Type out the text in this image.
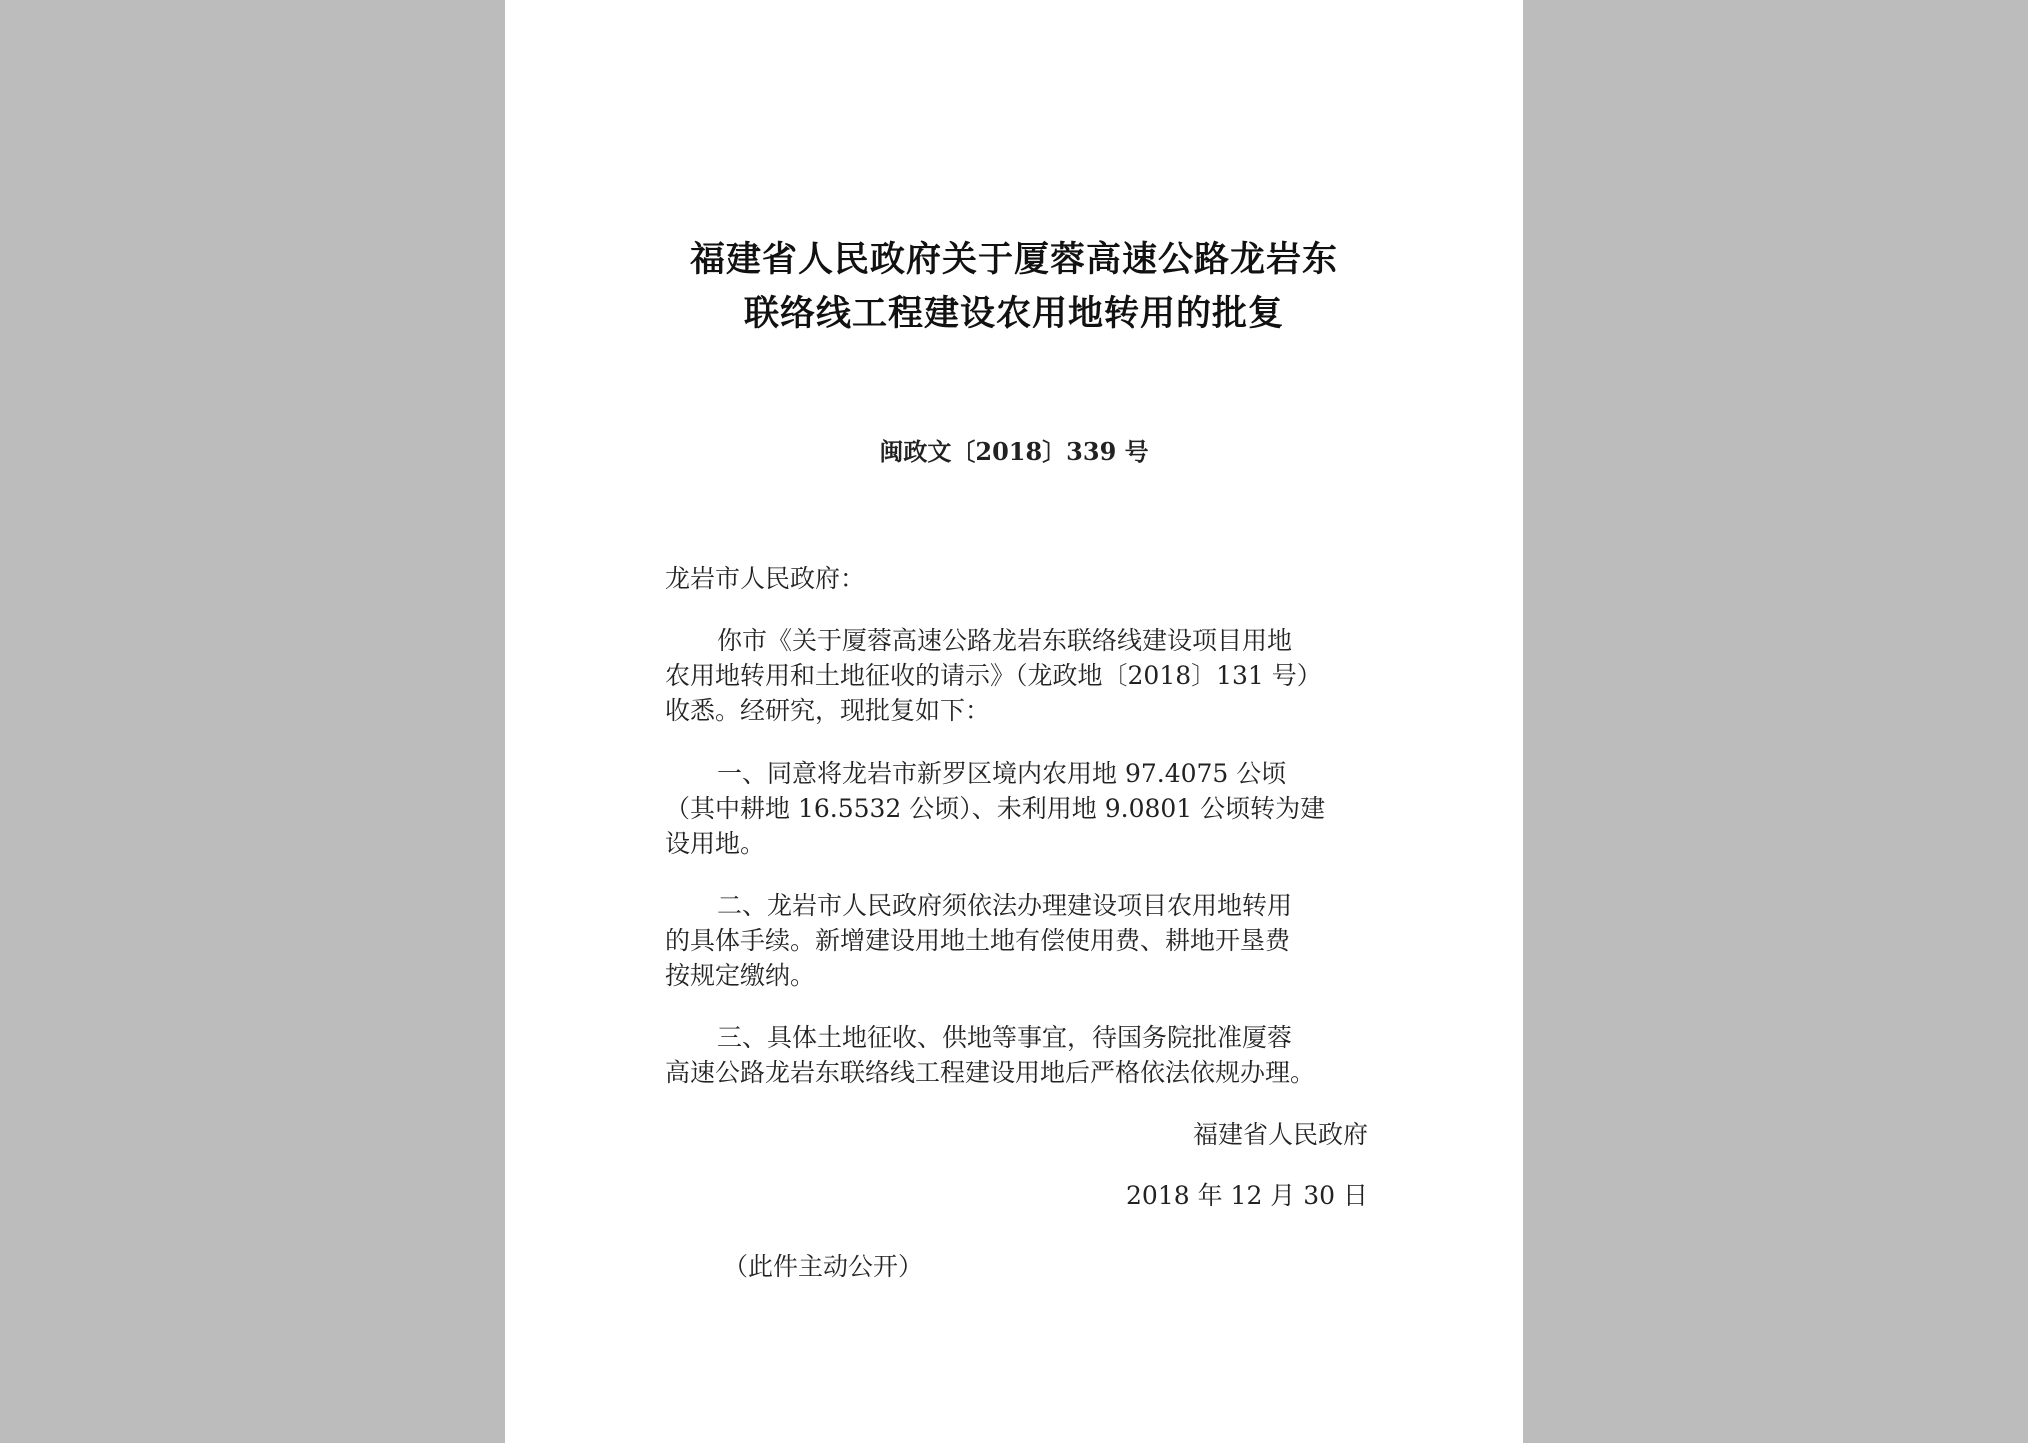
福建省人民政府关于厦蓉高速公路龙岩东
联络线工程建设农用地转用的批复
闽政文〔2018〕339 号
龙岩市人民政府：
你市《关于厦蓉高速公路龙岩东联络线建设项目用地
农用地转用和土地征收的请示》（龙政地〔2018〕131 号）
收悉。经研究，现批复如下：
一、同意将龙岩市新罗区境内农用地 97.4075 公顷
（其中耕地 16.5532 公顷）、未利用地 9.0801 公顷转为建
设用地。
二、龙岩市人民政府须依法办理建设项目农用地转用
的具体手续。新增建设用地土地有偿使用费、耕地开垦费
按规定缴纳。
三、具体土地征收、供地等事宜，待国务院批准厦蓉
高速公路龙岩东联络线工程建设用地后严格依法依规办理。
福建省人民政府
2018 年 12 月 30 日
（此件主动公开）
